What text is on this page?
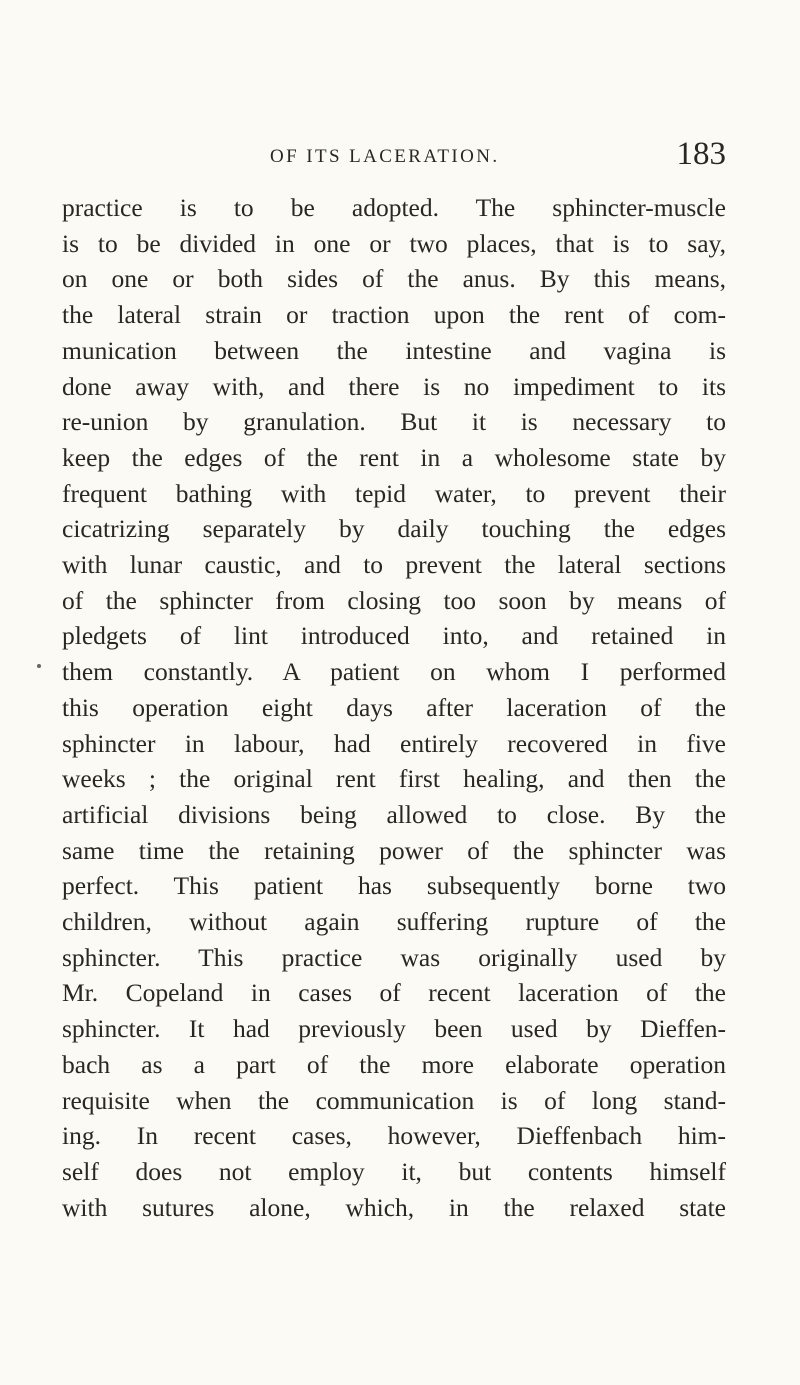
OF ITS LACERATION.	183
practice is to be adopted. The sphincter-muscle
is to be divided in one or two places, that is to say,
on one or both sides of the anus. By this means,
the lateral strain or traction upon the rent of com-
munication between the intestine and vagina is
done away with, and there is no impediment to its
re-union by granulation. But it is necessary to
keep the edges of the rent in a wholesome state by
frequent bathing with tepid water, to prevent their
cicatrizing separately by daily touching the edges
with lunar caustic, and to prevent the lateral sections
of the sphincter from closing too soon by means of
pledgets of lint introduced into, and retained in
them constantly. A patient on whom I performed
this operation eight days after laceration of the
sphincter in labour, had entirely recovered in five
weeks ; the original rent first healing, and then the
artificial divisions being allowed to close. By the
same time the retaining power of the sphincter was
perfect. This patient has subsequently borne two
children, without again suffering rupture of the
sphincter. This practice was originally used by
Mr. Copeland in cases of recent laceration of the
sphincter. It had previously been used by Dieffen-
bach as a part of the more elaborate operation
requisite when the communication is of long stand-
ing. In recent cases, however, Dieffenbach him-
self does not employ it, but contents himself
with sutures alone, which, in the relaxed state
